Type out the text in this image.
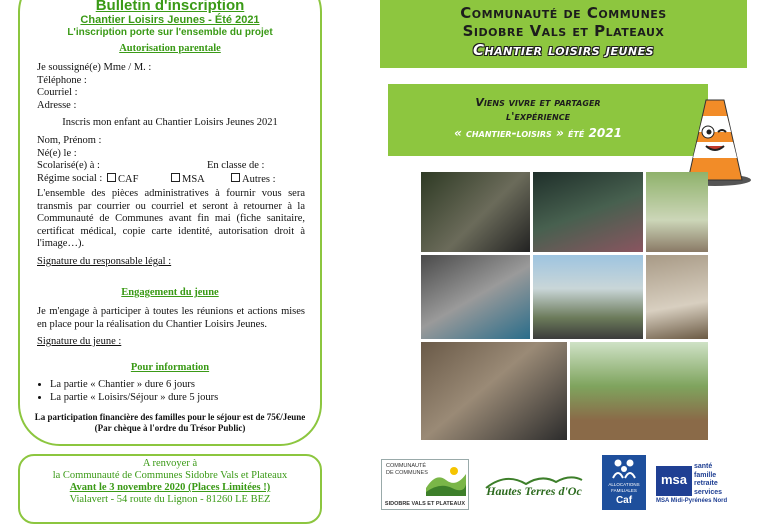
Bulletin d'inscription
Chantier Loisirs Jeunes - Été 2021
L'inscription porte sur l'ensemble du projet
Autorisation parentale
Je soussigné(e) Mme / M. :
Téléphone :
Courriel :
Adresse :
Inscris mon enfant au Chantier Loisirs Jeunes 2021
Nom, Prénom :
Né(e) le :
Scolarisé(e) à :	En classe de :
Régime social :	CAF	MSA	Autres :
L'ensemble des pièces administratives à fournir vous sera transmis par courrier ou courriel et seront à retourner à la Communauté de Communes avant fin mai (fiche sanitaire, certificat médical, copie carte identité, autorisation droit à l'image…).
Signature du responsable légal :
Engagement du jeune
Je m'engage à participer à toutes les réunions et actions mises en place pour la réalisation du Chantier Loisirs Jeunes.
Signature du jeune :
Pour information
• La partie « Chantier » dure 6 jours
• La partie « Loisirs/Séjour » dure 5 jours
La participation financière des familles pour le séjour est de 75€/Jeune
(Par chèque à l'ordre du Trésor Public)
A renvoyer à
la Communauté de Communes Sidobre Vals et Plateaux
Avant le 3 novembre 2020 (Places Limitées !)
Vialavert - 54 route du Lignon - 81260 LE BEZ
Communauté de Communes
Sidobre Vals et Plateaux
Chantier loisirs jeunes
Viens vivre et partager
l'expérience
« chantier-loisirs » été 2021
COMMUNAUTÉ
DE COMMUNES
SIDOBRE VALS ET PLATEAUX
Hautes Terres d'Oc	ALLOCATIONS
FAMILIALES
Caf
msa
santé
famille
retraite
services
MSA Midi-Pyrénées Nord
